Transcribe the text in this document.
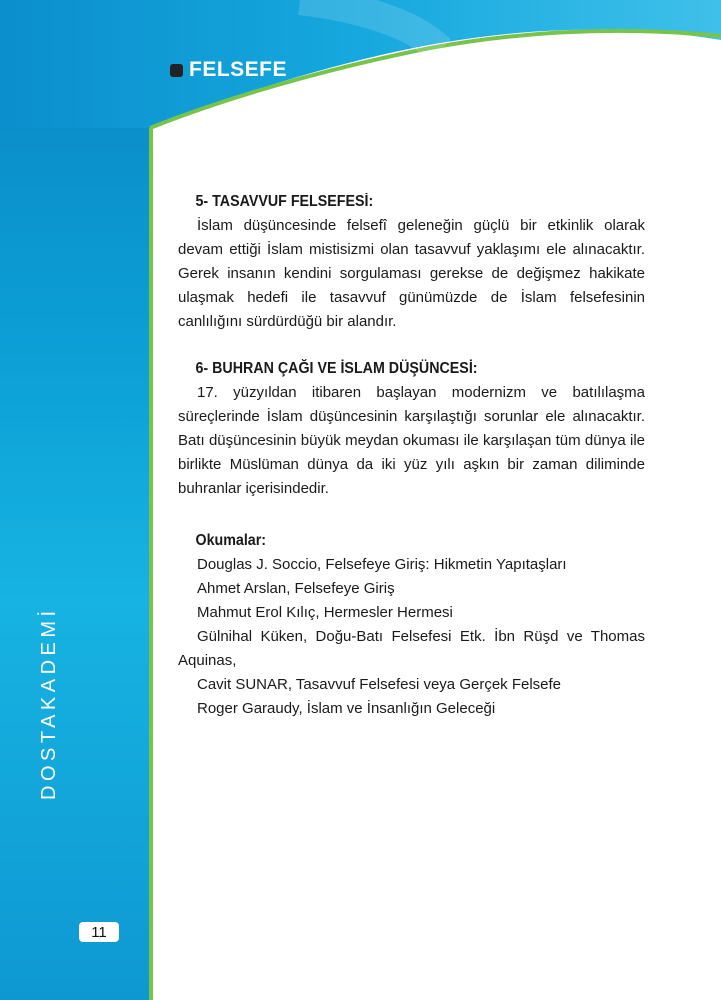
FELSEFE
DOSTAKADEMİ
11
5- TASAVVUF FELSEFESİ:

İslam düşüncesinde felsefî geleneğin güçlü bir etkinlik olarak devam ettiği İslam mistisizmi olan tasavvuf yaklaşımı ele alınacaktır. Gerek insanın kendini sorgulaması gerekse de değişmez hakikate ulaşmak hedefi ile tasavvuf günümüzde de İslam felsefesinin canlılığını sürdürdüğü bir alandır.

6- BUHRAN ÇAĞI VE İSLAM DÜŞÜNCESİ:

17. yüzyıldan itibaren başlayan modernizm ve batılılaşma süreçlerinde İslam düşüncesinin karşılaştığı sorunlar ele alınacaktır. Batı düşüncesinin büyük meydan okuması ile karşılaşan tüm dünya ile birlikte Müslüman dünya da iki yüz yılı aşkın bir zaman diliminde buhranlar içerisindedir.

Okumalar:

Douglas J. Soccio, Felsefeye Giriş: Hikmetin Yapıtaşları

Ahmet Arslan, Felsefeye Giriş

Mahmut Erol Kılıç, Hermesler Hermesi

Gülnihal Küken, Doğu-Batı Felsefesi Etk. İbn Rüşd ve Thomas Aquinas,

Cavit SUNAR, Tasavvuf Felsefesi veya Gerçek Felsefe

Roger Garaudy, İslam ve İnsanlığın Geleceği
